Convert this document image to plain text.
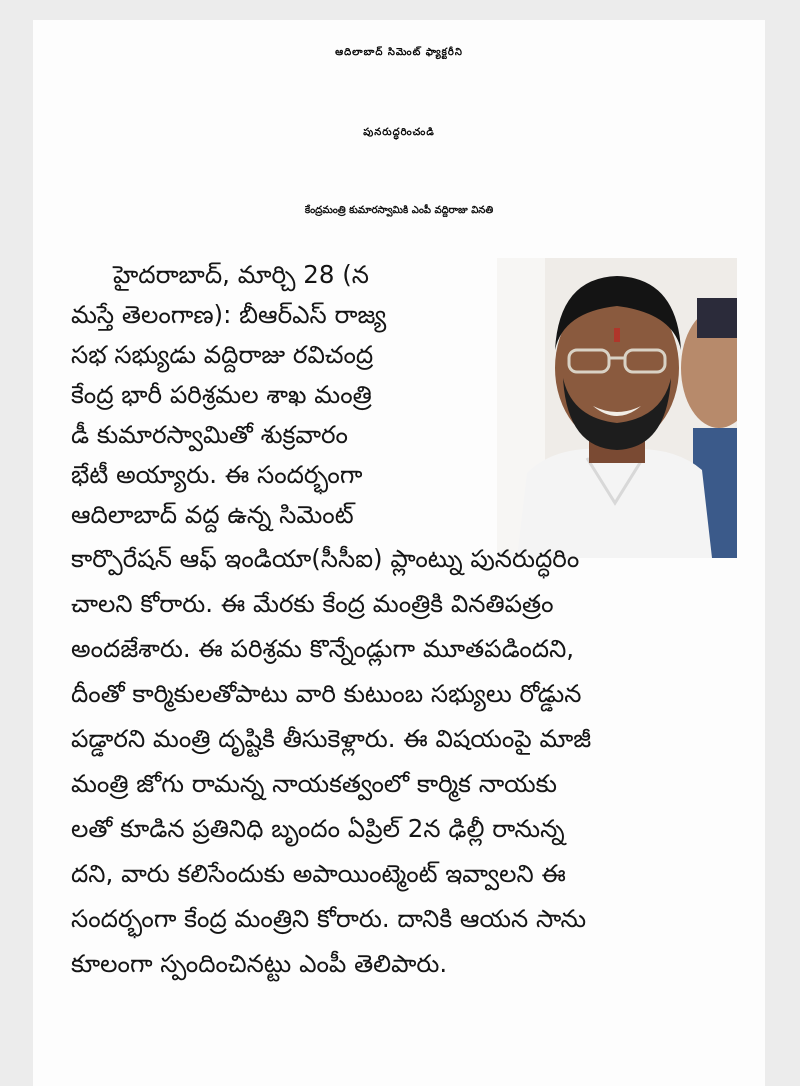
ఆదిలాబాద్ సిమెంట్ ఫ్యాక్టరీని
పునరుద్ధరించండి
కేంద్రమంత్రి కుమారస్వామికి ఎంపీ వద్దిరాజు వినతి
హైదరాబాద్, మార్చి 28 (న
మస్తే తెలంగాణ): బీఆర్ఎస్ రాజ్య
సభ సభ్యుడు వద్దిరాజు రవిచంద్ర
కేంద్ర భారీ పరిశ్రమల శాఖ మంత్రి
డీ కుమారస్వామితో శుక్రవారం
భేటీ అయ్యారు. ఈ సందర్భంగా
ఆదిలాబాద్ వద్ద ఉన్న సిమెంట్
కార్పొరేషన్ ఆఫ్ ఇండియా(సీసీఐ) ప్లాంట్ను పునరుద్ధరిం
చాలని కోరారు. ఈ మేరకు కేంద్ర మంత్రికి వినతిపత్రం
అందజేశారు. ఈ పరిశ్రమ కొన్నేండ్లుగా మూతపడిందని,
దీంతో కార్మికులతోపాటు వారి కుటుంబ సభ్యులు రోడ్డున
పడ్డారని మంత్రి దృష్టికి తీసుకెళ్లారు. ఈ విషయంపై మాజీ
మంత్రి జోగు రామన్న నాయకత్వంలో కార్మిక నాయకు
లతో కూడిన ప్రతినిధి బృందం ఏప్రిల్ 2న ఢిల్లీ రానున్న
దని, వారు కలిసేందుకు అపాయింట్మెంట్ ఇవ్వాలని ఈ
సందర్భంగా కేంద్ర మంత్రిని కోరారు. దానికి ఆయన సాను
కూలంగా స్పందించినట్టు ఎంపీ తెలిపారు.
